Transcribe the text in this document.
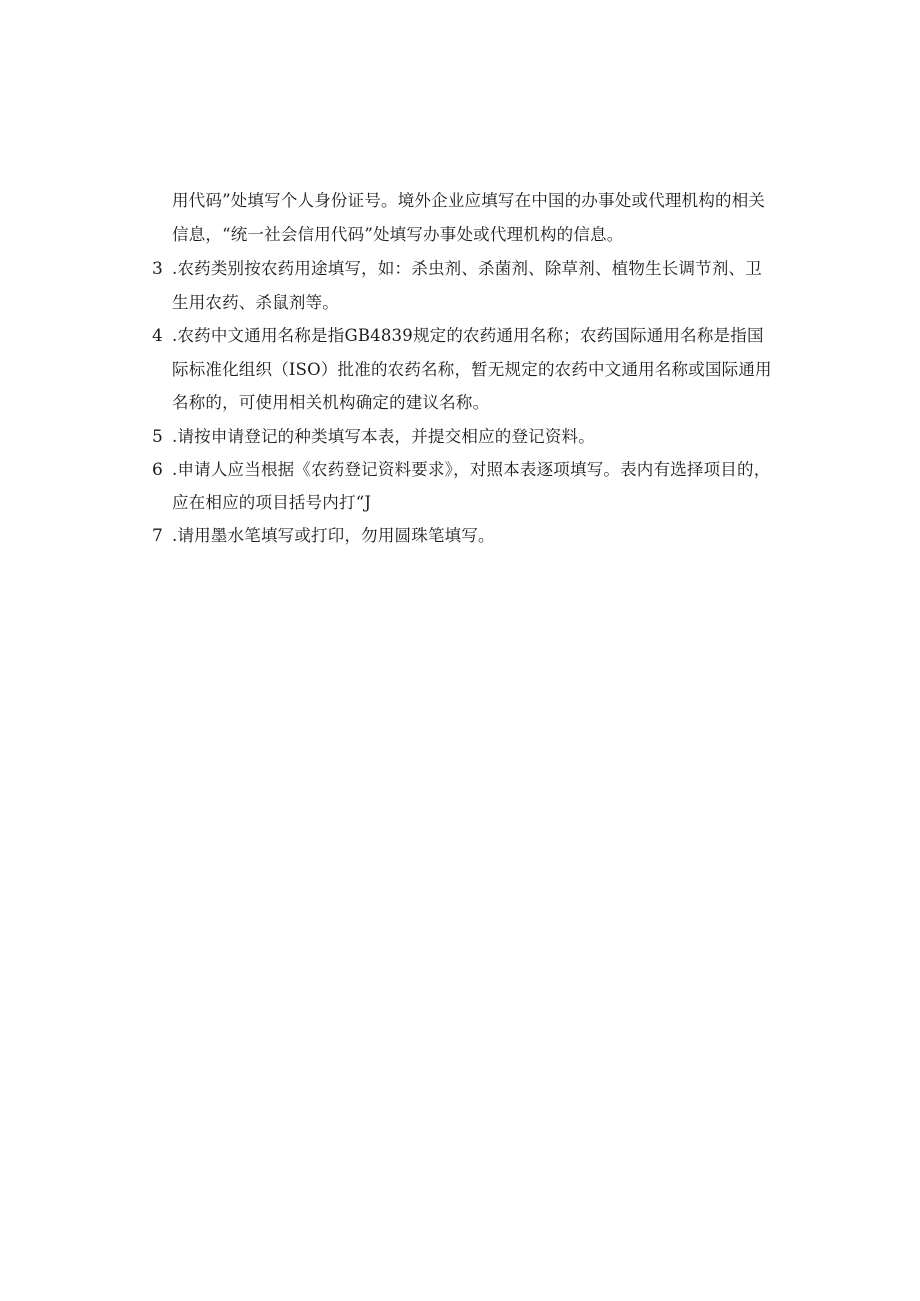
用代码”处填写个人身份证号。境外企业应填写在中国的办事处或代理机构的相关
信息，“统一社会信用代码”处填写办事处或代理机构的信息。
3 .农药类别按农药用途填写，如：杀虫剂、杀菌剂、除草剂、植物生长调节剂、卫
生用农药、杀鼠剂等。
4 .农药中文通用名称是指GB4839规定的农药通用名称；农药国际通用名称是指国
际标准化组织（ISO）批准的农药名称，暂无规定的农药中文通用名称或国际通用
名称的，可使用相关机构确定的建议名称。
5 .请按申请登记的种类填写本表，并提交相应的登记资料。
6 .申请人应当根据《农药登记资料要求》，对照本表逐项填写。表内有选择项目的，
应在相应的项目括号内打“J
7 .请用墨水笔填写或打印，勿用圆珠笔填写。
